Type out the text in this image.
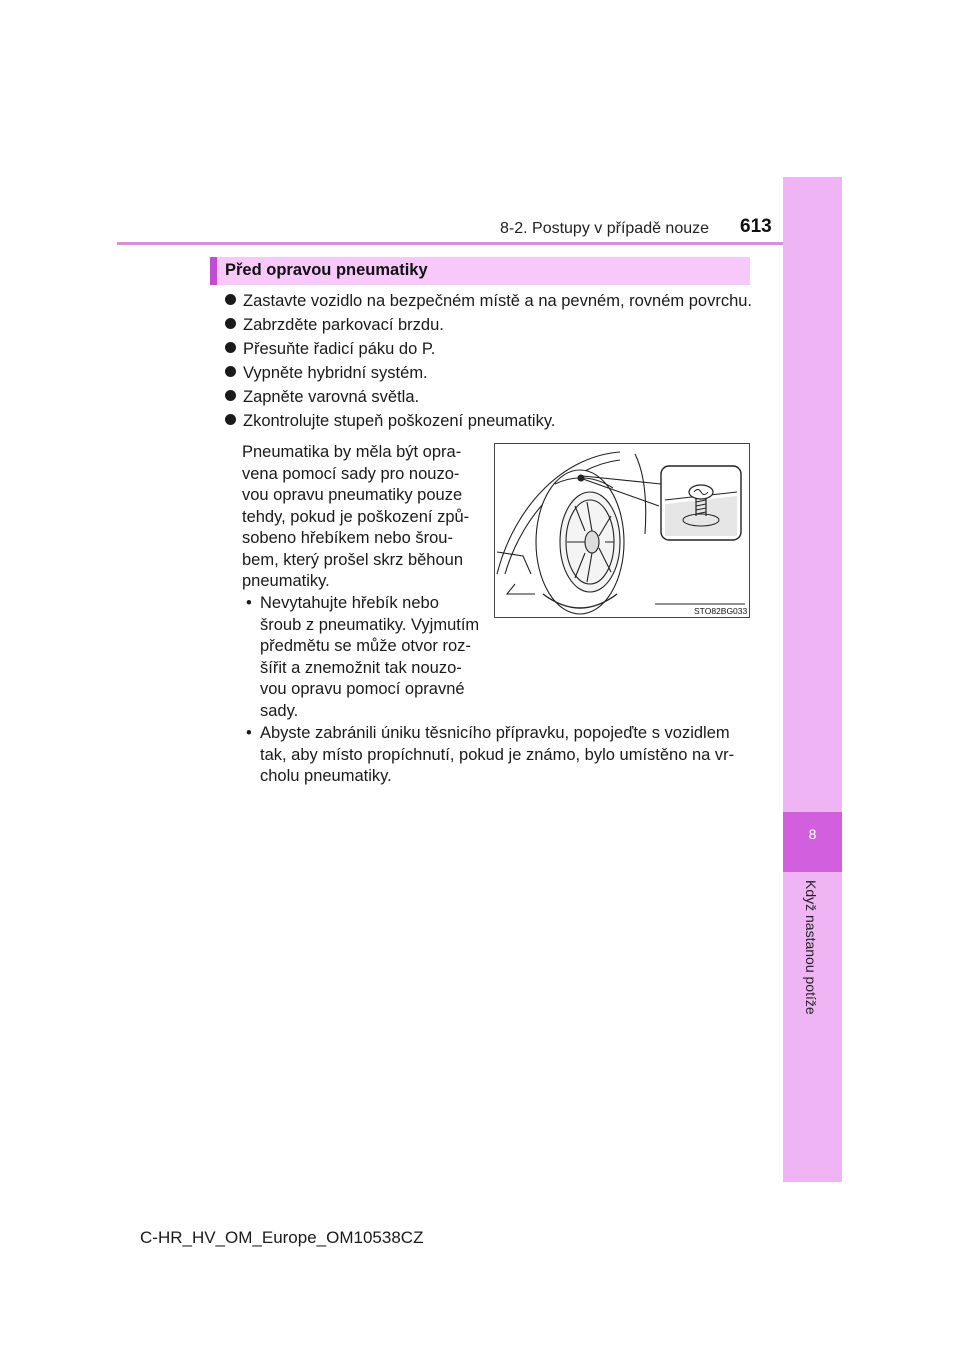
8-2. Postupy v případě nouze 613
8
Když nastanou potíže
Před opravou pneumatiky
Zastavte vozidlo na bezpečném místě a na pevném, rovném povrchu.
Zabrzděte parkovací brzdu.
Přesuňte řadicí páku do P.
Vypněte hybridní systém.
Zapněte varovná světla.
Zkontrolujte stupeň poškození pneumatiky.
Pneumatika by měla být opra-
vena pomocí sady pro nouzo-
vou opravu pneumatiky pouze
tehdy, pokud je poškození způ-
sobeno hřebíkem nebo šrou-
bem, který prošel skrz běhoun
pneumatiky.
• Nevytahujte hřebík nebo
šroub z pneumatiky. Vyjmutím
předmětu se může otvor roz-
šířit a znemožnit tak nouzo-
vou opravu pomocí opravné
sady.
• Abyste zabránili úniku těsnicího přípravku, popojeďte s vozidlem
tak, aby místo propíchnutí, pokud je známo, bylo umístěno na vr-
cholu pneumatiky.
STO82BG033
C-HR_HV_OM_Europe_OM10538CZ
